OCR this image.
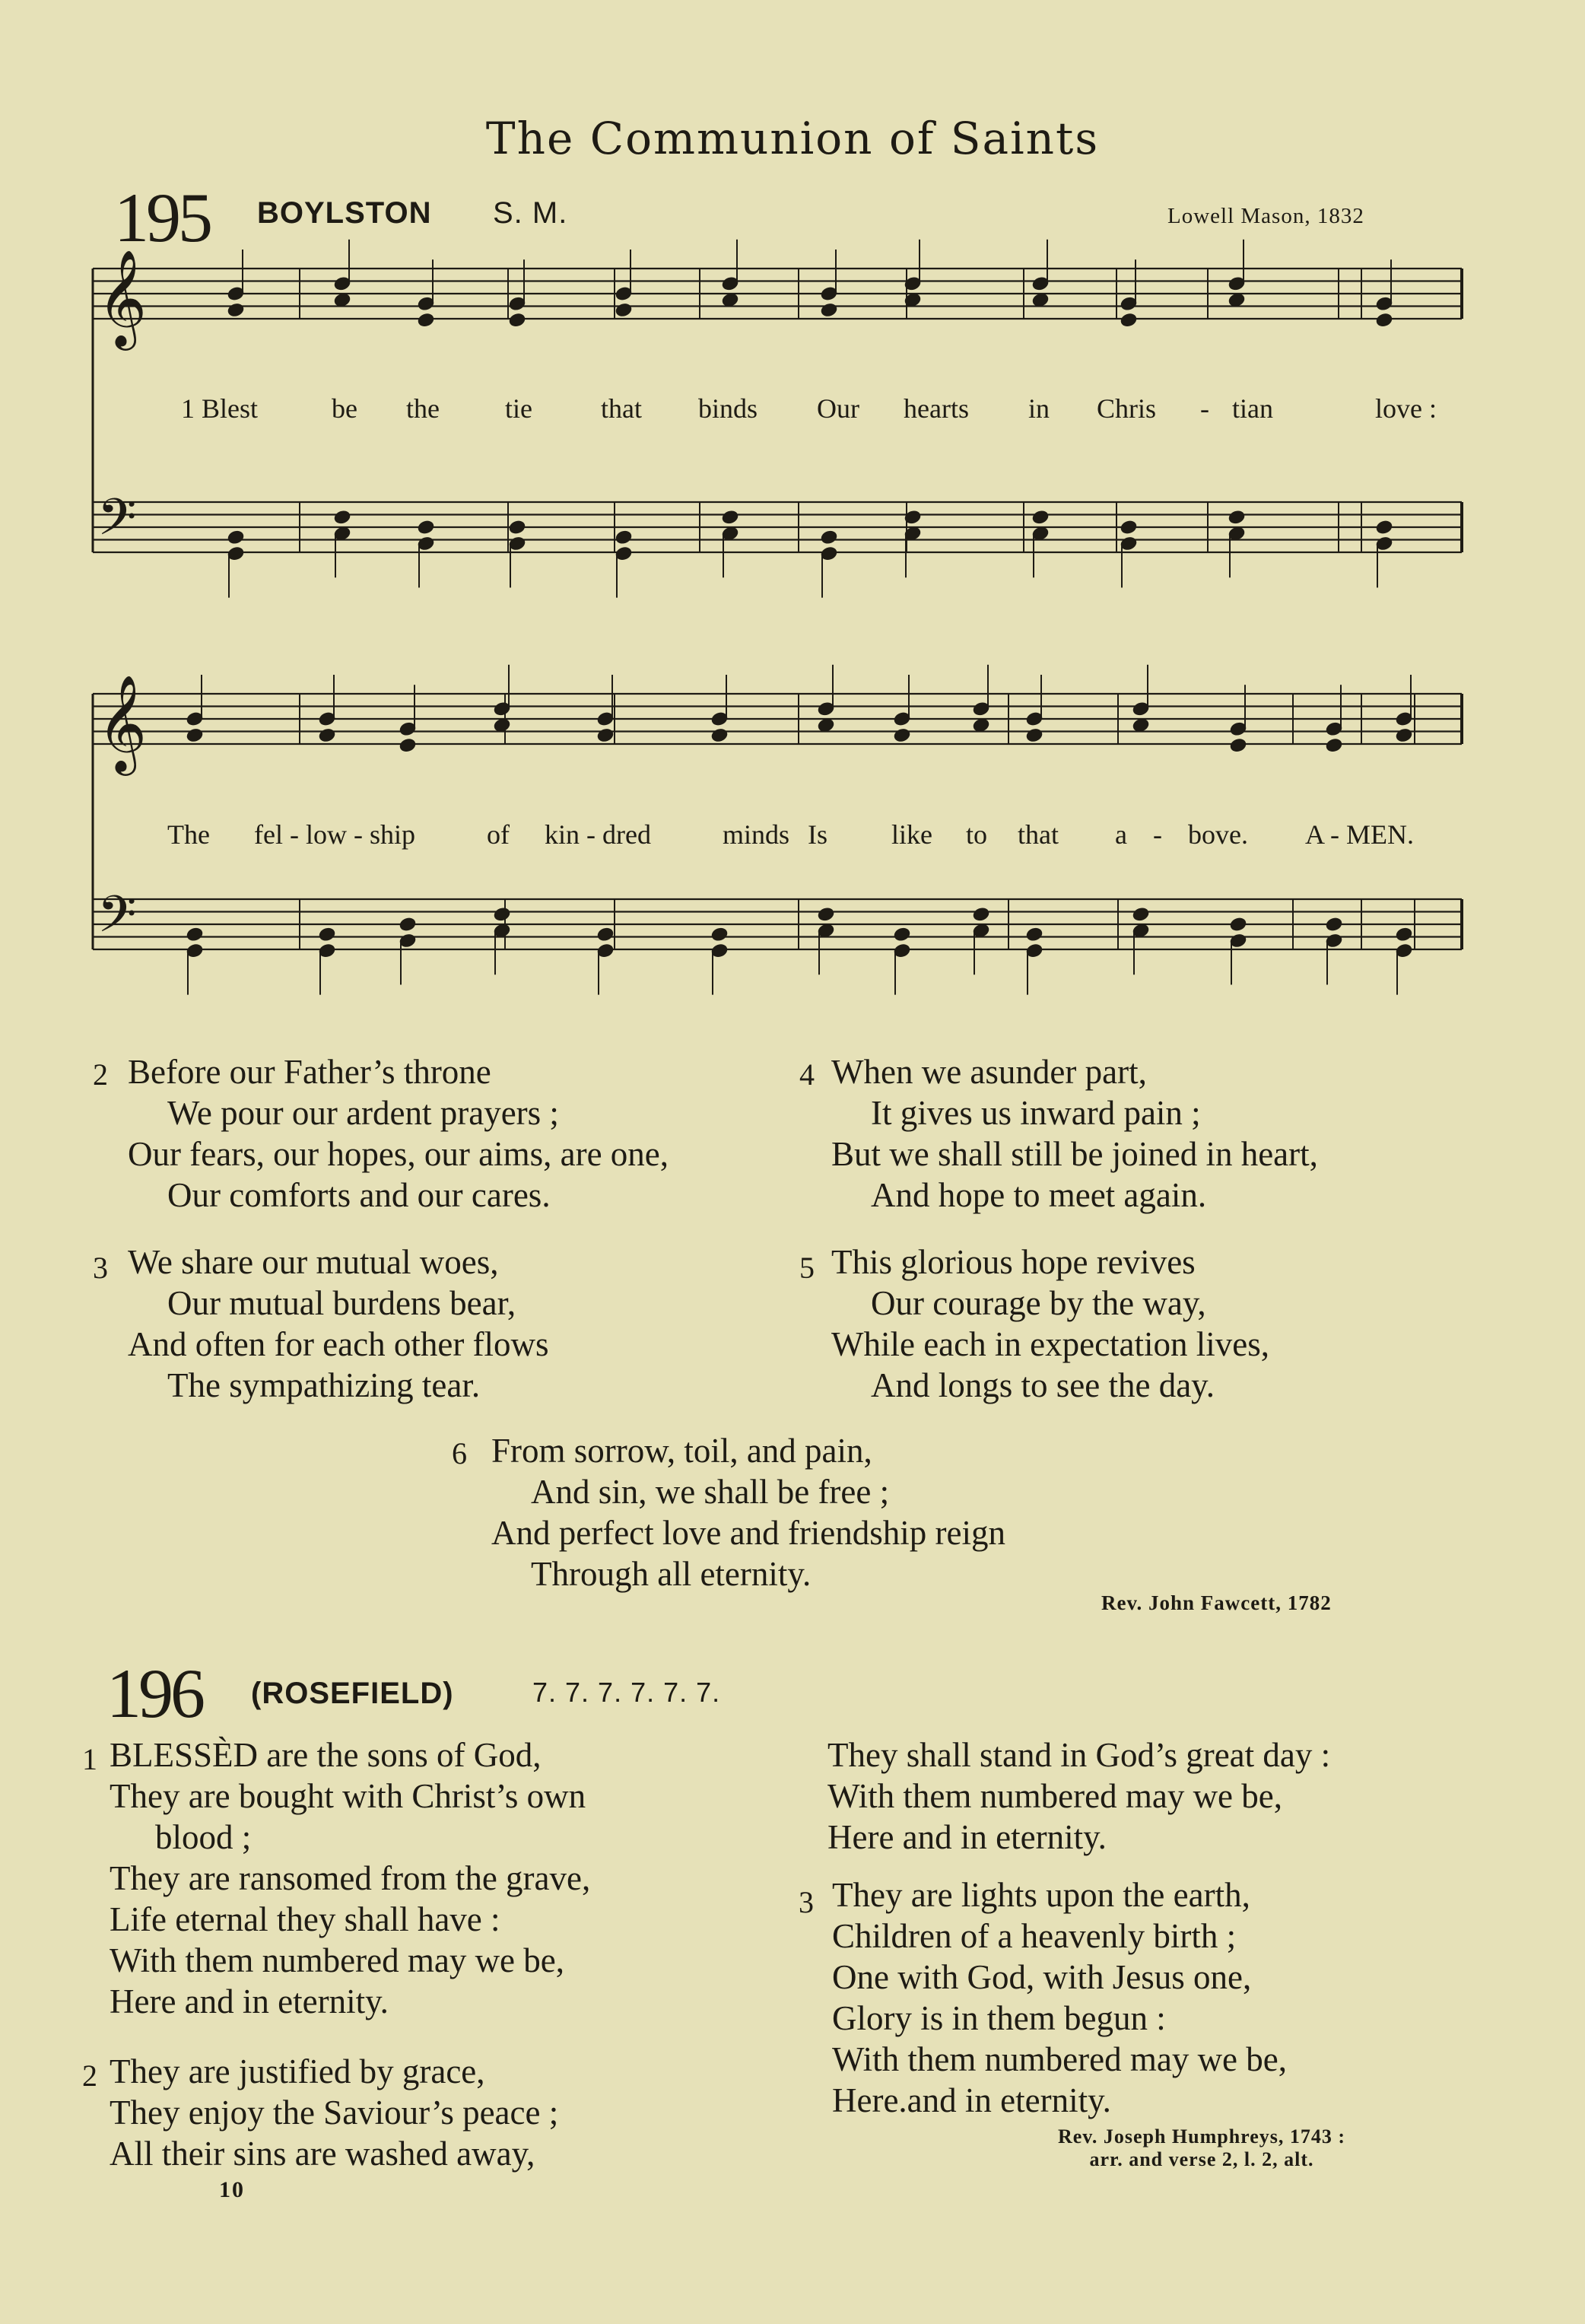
The Communion of Saints
195 BOYLSTON S. M.	Lowell Mason, 1832
𝄞
𝄢
𝄞
𝄢
1 Blest	be the tie	that binds Our hearts in Chris - tian	love :
The fel - low - ship	of kin - dred	minds Is like to that a - bove. A - MEN.
2 Before our Father’s throne
We pour our ardent prayers ;
Our fears, our hopes, our aims, are one,
Our comforts and our cares.
3 We share our mutual woes,
Our mutual burdens bear,
And often for each other flows
The sympathizing tear.
4 When we asunder part,
It gives us inward pain ;
But we shall still be joined in heart,
And hope to meet again.
5 This glorious hope revives
Our courage by the way,
While each in expectation lives,
And longs to see the day.
6 From sorrow, toil, and pain,
And sin, we shall be free ;
And perfect love and friendship reign
Through all eternity.
Rev. John Fawcett, 1782
196 (ROSEFIELD)	7. 7. 7. 7. 7. 7.
1 BLESSÈD are the sons of God,
They are bought with Christ’s own
blood ;
They are ransomed from the grave,
Life eternal they shall have :
With them numbered may we be,
Here and in eternity.
2 They are justified by grace,
They enjoy the Saviour’s peace ;
All their sins are washed away,
They shall stand in God’s great day :
With them numbered may we be,
Here and in eternity.
3 They are lights upon the earth,
Children of a heavenly birth ;
One with God, with Jesus one,
Glory is in them begun :
With them numbered may we be,
Here.and in eternity.
Rev. Joseph Humphreys, 1743 :
arr. and verse 2, l. 2, alt.
10
